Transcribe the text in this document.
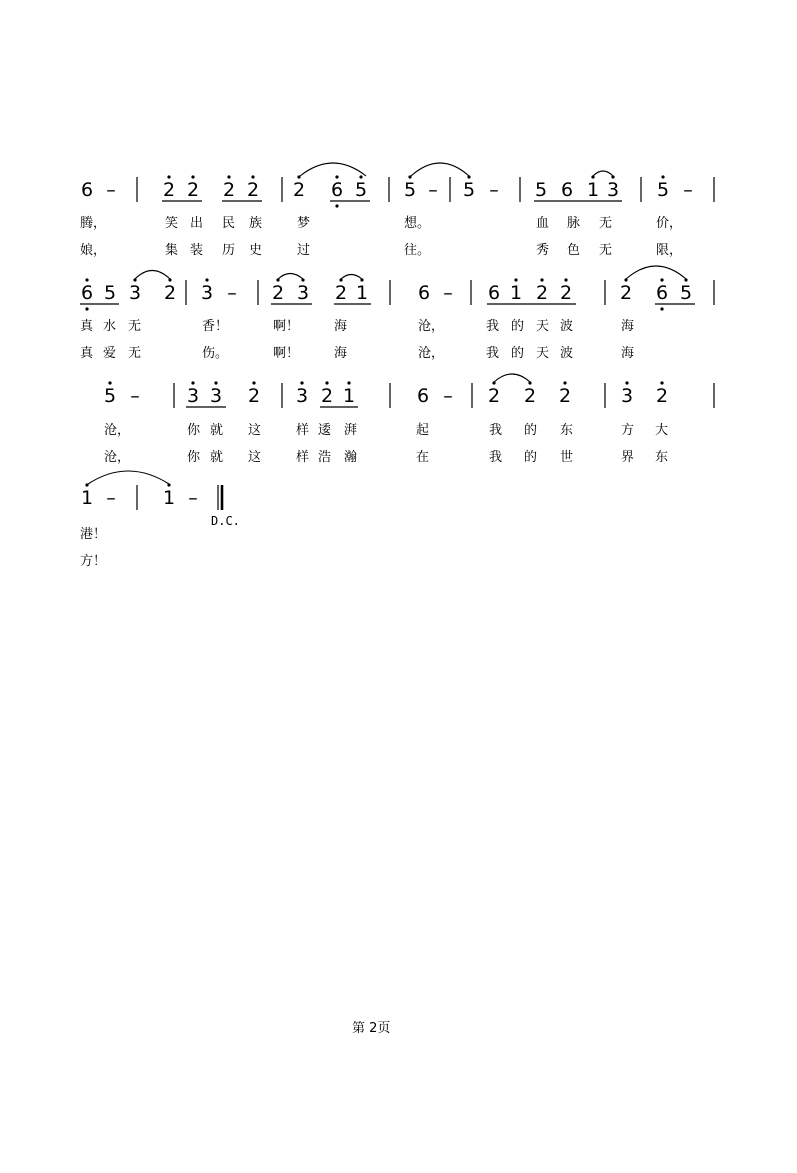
6 – 2 2 2 2 2 6 5 5 – 5 – 5 6 1 3 5 –
腾，	笑 出 民 族	梦	想。	血 脉 无	价，
娘，	集 装 历 史	过	往。	秀 色 无	限，
6 5 3 2 3 – 2 3 2 1	6 – 6 1 2 2	2 6 5
真 水 无	香！	啊！	海	沧，	我 的 天 波	海
真 爱 无	伤。	啊！	海	沧，	我 的 天 波	海
5 – 3 3 2 3 2 1	6 – 2 2 2	3 2
沧，	你 就 这	样 逶 湃	起	我 的 东	方 大
沧，	你 就 这	样 浩 瀚	在	我 的 世	界 东
1 – 1 –
D.C.
港！
方！
第 2页
